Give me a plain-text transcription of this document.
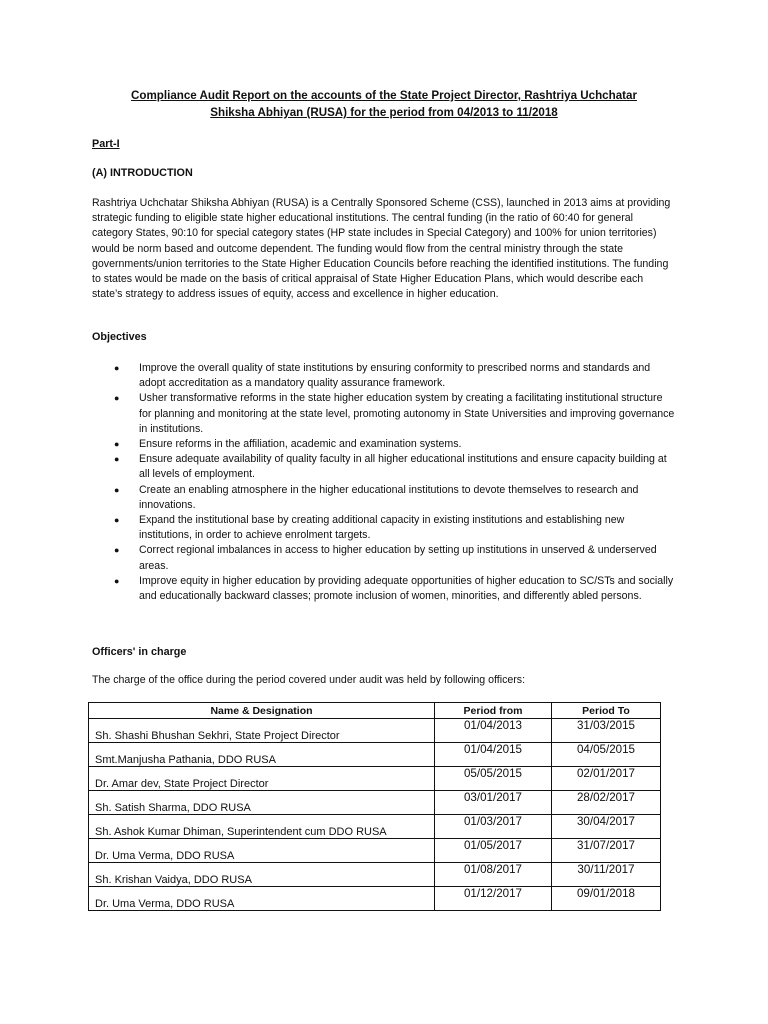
Compliance Audit Report on the accounts of the State Project Director, Rashtriya Uchchatar
Shiksha Abhiyan (RUSA) for the period from 04/2013 to 11/2018
Part-I
(A) INTRODUCTION

Rashtriya Uchchatar Shiksha Abhiyan (RUSA) is a Centrally Sponsored Scheme (CSS), launched in 2013 aims at providing strategic funding to eligible state higher educational institutions. The central funding (in the ratio of 60:40 for general category States, 90:10 for special category states (HP state includes in Special Category) and 100% for union territories) would be norm based and outcome dependent. The funding would flow from the central ministry through the state governments/union territories to the State Higher Education Councils before reaching the identified institutions. The funding to states would be made on the basis of critical appraisal of State Higher Education Plans, which would describe each state’s strategy to address issues of equity, access and excellence in higher education.

Objectives
● Improve the overall quality of state institutions by ensuring conformity to prescribed norms and standards and adopt accreditation as a mandatory quality assurance framework.
● Usher transformative reforms in the state higher education system by creating a facilitating institutional structure for planning and monitoring at the state level, promoting autonomy in State Universities and improving governance in institutions.
● Ensure reforms in the affiliation, academic and examination systems.
● Ensure adequate availability of quality faculty in all higher educational institutions and ensure capacity building at all levels of employment.
● Create an enabling atmosphere in the higher educational institutions to devote themselves to research and innovations.
● Expand the institutional base by creating additional capacity in existing institutions and establishing new institutions, in order to achieve enrolment targets.
● Correct regional imbalances in access to higher education by setting up institutions in unserved & underserved areas.
● Improve equity in higher education by providing adequate opportunities of higher education to SC/STs and socially and educationally backward classes; promote inclusion of women, minorities, and differently abled persons.
Officers' in charge
The charge of the office during the period covered under audit was held by following officers:
Name & Designation	Period from	Period To
Sh. Shashi Bhushan Sekhri, State Project Director	01/04/2013	31/03/2015
Smt.Manjusha Pathania, DDO RUSA	01/04/2015	04/05/2015
Dr. Amar dev, State Project Director	05/05/2015	02/01/2017
Sh. Satish Sharma, DDO RUSA	03/01/2017	28/02/2017
Sh. Ashok Kumar Dhiman, Superintendent cum DDO RUSA	01/03/2017	30/04/2017
Dr. Uma Verma, DDO RUSA	01/05/2017	31/07/2017
Sh. Krishan Vaidya, DDO RUSA	01/08/2017	30/11/2017
Dr. Uma Verma, DDO RUSA	01/12/2017	09/01/2018
